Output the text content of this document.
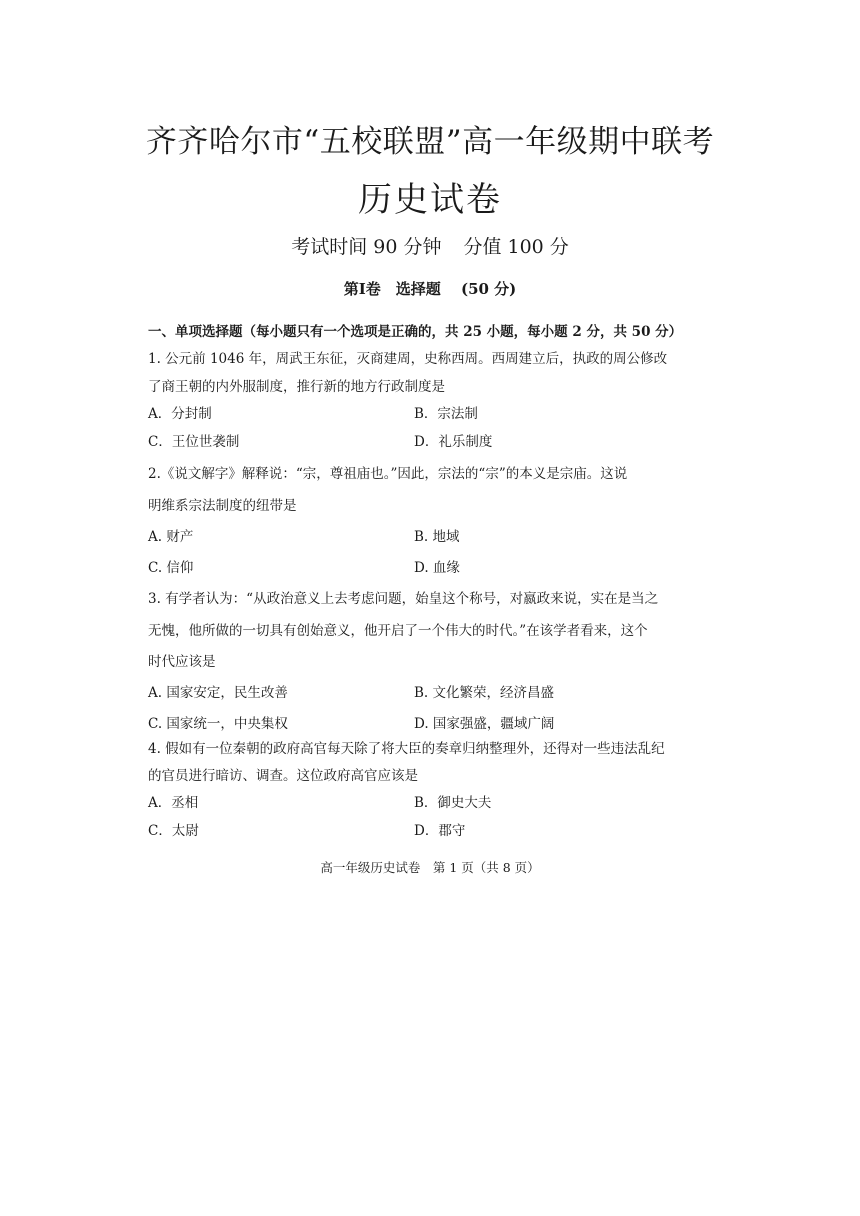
齐齐哈尔市“五校联盟”高一年级期中联考
历史试卷
考试时间 90 分钟 分值 100 分
第Ⅰ卷　选择题　 (50 分)
一、单项选择题（每小题只有一个选项是正确的，共 25 小题，每小题 2 分，共 50 分）
1. 公元前 1046 年，周武王东征，灭商建周，史称西周。西周建立后，执政的周公修改
了商王朝的内外服制度，推行新的地方行政制度是
A．分封制	B．宗法制
C．王位世袭制	D．礼乐制度
2.《说文解字》解释说：“宗，尊祖庙也。”因此，宗法的“宗”的本义是宗庙。这说
明维系宗法制度的纽带是
A. 财产	B. 地域
C. 信仰	D. 血缘
3. 有学者认为：“从政治意义上去考虑问题，始皇这个称号，对嬴政来说，实在是当之
无愧，他所做的一切具有创始意义，他开启了一个伟大的时代。”在该学者看来，这个
时代应该是
A. 国家安定，民生改善	B. 文化繁荣，经济昌盛
C. 国家统一，中央集权	D. 国家强盛，疆域广阔
4. 假如有一位秦朝的政府高官每天除了将大臣的奏章归纳整理外，还得对一些违法乱纪
的官员进行暗访、调查。这位政府高官应该是
A．丞相	B．御史大夫
C．太尉	D．郡守
高一年级历史试卷　第 1 页（共 8 页）
